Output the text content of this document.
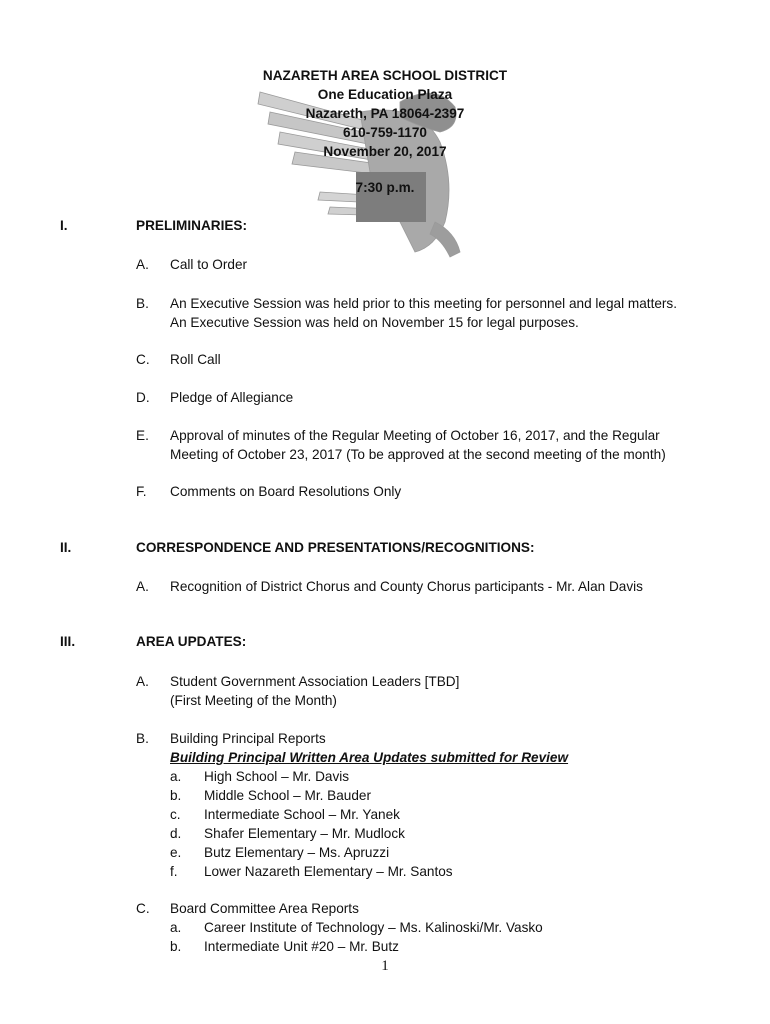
NAZARETH AREA SCHOOL DISTRICT
One Education Plaza
Nazareth, PA 18064-2397
610-759-1170
November 20, 2017
7:30 p.m.
I.	PRELIMINARIES:
A. Call to Order
B. An Executive Session was held prior to this meeting for personnel and legal matters.
An Executive Session was held on November 15 for legal purposes.
C. Roll Call
D. Pledge of Allegiance
E. Approval of minutes of the Regular Meeting of October 16, 2017, and the Regular
Meeting of October 23, 2017 (To be approved at the second meeting of the month)
F. Comments on Board Resolutions Only
II.	CORRESPONDENCE AND PRESENTATIONS/RECOGNITIONS:
A. Recognition of District Chorus and County Chorus participants - Mr. Alan Davis
III.	AREA UPDATES:
A. Student Government Association Leaders [TBD]
(First Meeting of the Month)
B. Building Principal Reports
Building Principal Written Area Updates submitted for Review
a. High School – Mr. Davis
b. Middle School – Mr. Bauder
c. Intermediate School – Mr. Yanek
d. Shafer Elementary – Mr. Mudlock
e. Butz Elementary – Ms. Apruzzi
f. Lower Nazareth Elementary – Mr. Santos
C. Board Committee Area Reports
a. Career Institute of Technology – Ms. Kalinoski/Mr. Vasko
b. Intermediate Unit #20 – Mr. Butz
1
